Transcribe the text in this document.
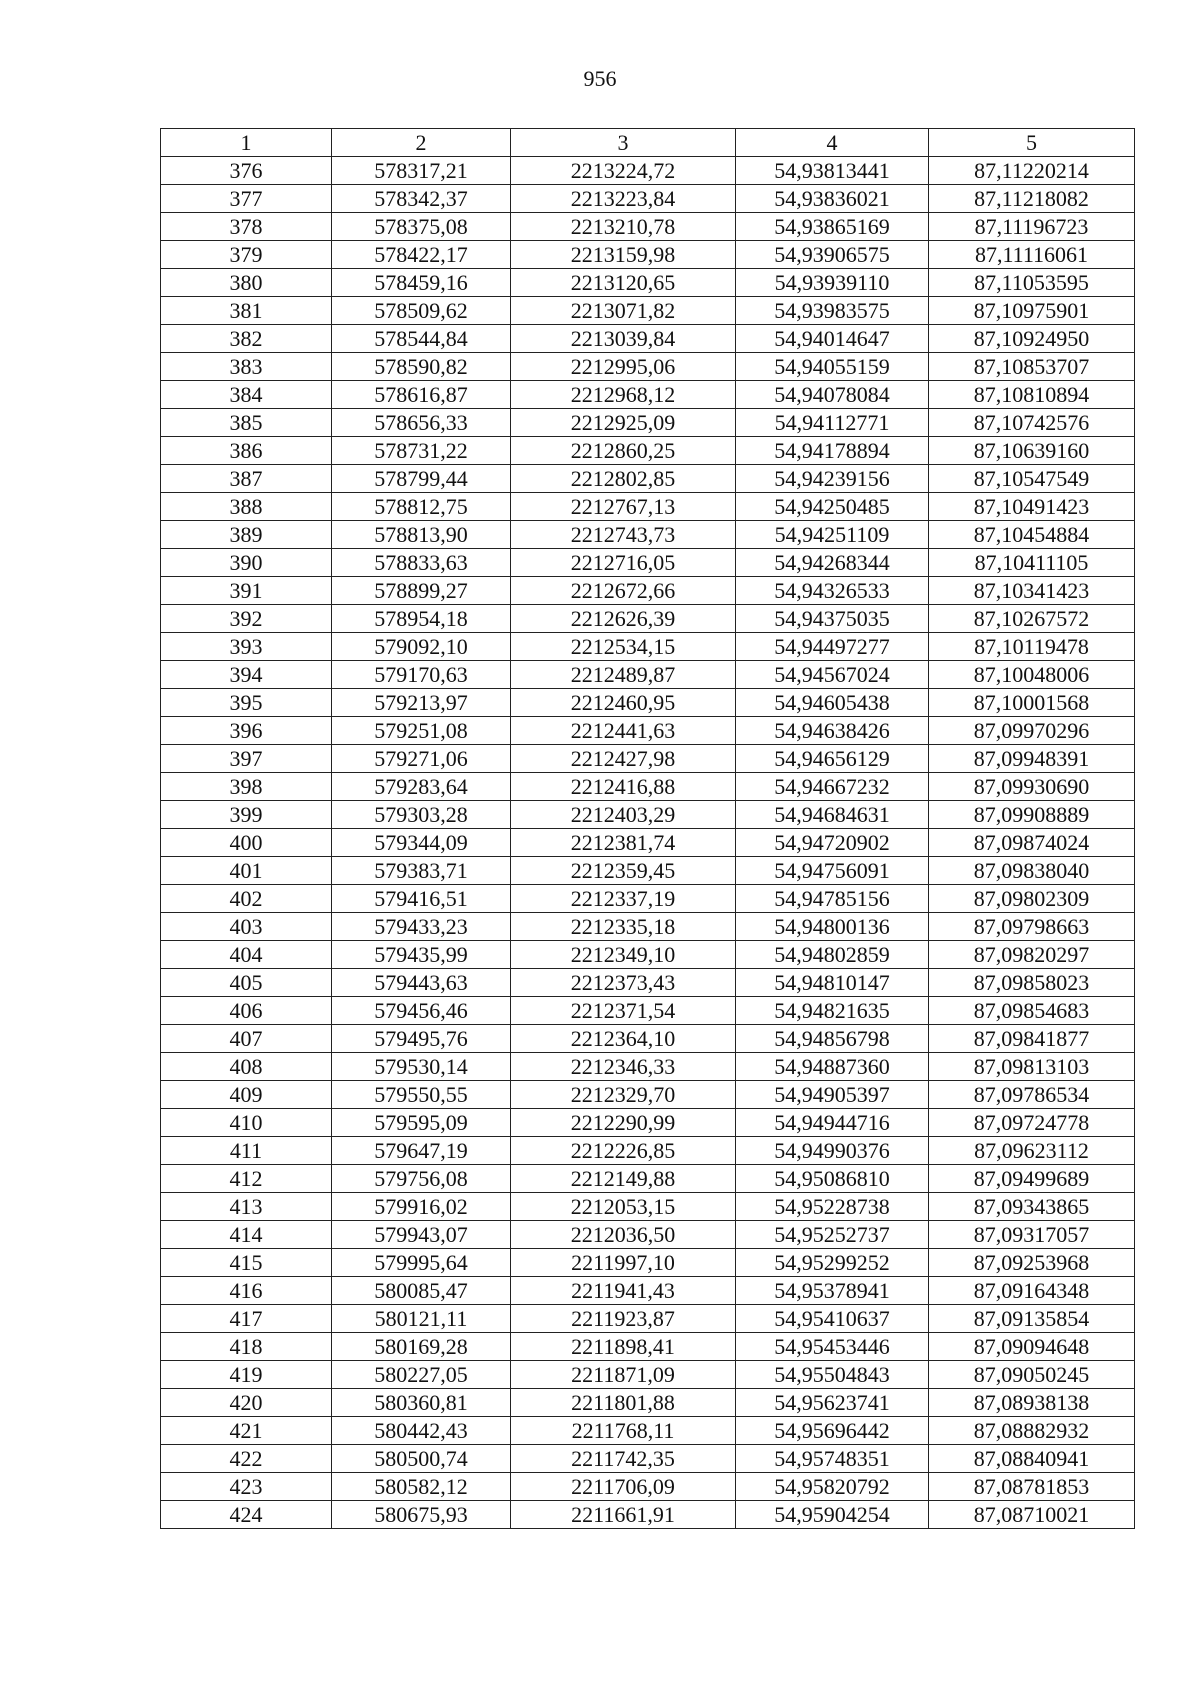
956
1	2	3	4	5
376	578317,21	2213224,72	54,93813441	87,11220214
377	578342,37	2213223,84	54,93836021	87,11218082
378	578375,08	2213210,78	54,93865169	87,11196723
379	578422,17	2213159,98	54,93906575	87,11116061
380	578459,16	2213120,65	54,93939110	87,11053595
381	578509,62	2213071,82	54,93983575	87,10975901
382	578544,84	2213039,84	54,94014647	87,10924950
383	578590,82	2212995,06	54,94055159	87,10853707
384	578616,87	2212968,12	54,94078084	87,10810894
385	578656,33	2212925,09	54,94112771	87,10742576
386	578731,22	2212860,25	54,94178894	87,10639160
387	578799,44	2212802,85	54,94239156	87,10547549
388	578812,75	2212767,13	54,94250485	87,10491423
389	578813,90	2212743,73	54,94251109	87,10454884
390	578833,63	2212716,05	54,94268344	87,10411105
391	578899,27	2212672,66	54,94326533	87,10341423
392	578954,18	2212626,39	54,94375035	87,10267572
393	579092,10	2212534,15	54,94497277	87,10119478
394	579170,63	2212489,87	54,94567024	87,10048006
395	579213,97	2212460,95	54,94605438	87,10001568
396	579251,08	2212441,63	54,94638426	87,09970296
397	579271,06	2212427,98	54,94656129	87,09948391
398	579283,64	2212416,88	54,94667232	87,09930690
399	579303,28	2212403,29	54,94684631	87,09908889
400	579344,09	2212381,74	54,94720902	87,09874024
401	579383,71	2212359,45	54,94756091	87,09838040
402	579416,51	2212337,19	54,94785156	87,09802309
403	579433,23	2212335,18	54,94800136	87,09798663
404	579435,99	2212349,10	54,94802859	87,09820297
405	579443,63	2212373,43	54,94810147	87,09858023
406	579456,46	2212371,54	54,94821635	87,09854683
407	579495,76	2212364,10	54,94856798	87,09841877
408	579530,14	2212346,33	54,94887360	87,09813103
409	579550,55	2212329,70	54,94905397	87,09786534
410	579595,09	2212290,99	54,94944716	87,09724778
411	579647,19	2212226,85	54,94990376	87,09623112
412	579756,08	2212149,88	54,95086810	87,09499689
413	579916,02	2212053,15	54,95228738	87,09343865
414	579943,07	2212036,50	54,95252737	87,09317057
415	579995,64	2211997,10	54,95299252	87,09253968
416	580085,47	2211941,43	54,95378941	87,09164348
417	580121,11	2211923,87	54,95410637	87,09135854
418	580169,28	2211898,41	54,95453446	87,09094648
419	580227,05	2211871,09	54,95504843	87,09050245
420	580360,81	2211801,88	54,95623741	87,08938138
421	580442,43	2211768,11	54,95696442	87,08882932
422	580500,74	2211742,35	54,95748351	87,08840941
423	580582,12	2211706,09	54,95820792	87,08781853
424	580675,93	2211661,91	54,95904254	87,08710021
